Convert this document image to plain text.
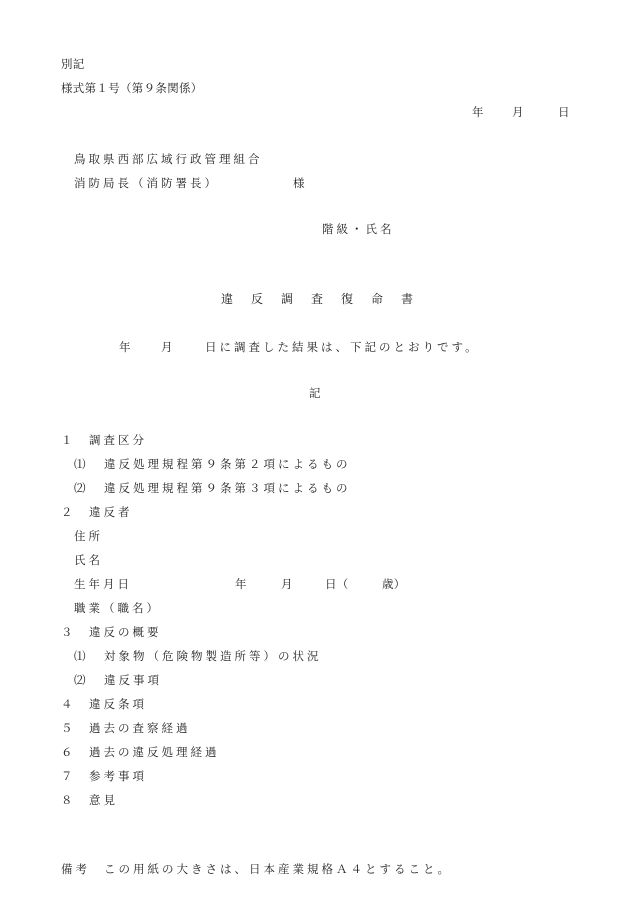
別記
様式第１号（第９条関係）
年 月	日
鳥取県西部広域行政管理組合
消防局長（消防署長）	様
階級・氏名
違反調査復命書
年	月	日に調査した結果は、下記のとおりです。
記
１ 調査区分
⑴ 違反処理規程第９条第２項によるもの
⑵ 違反処理規程第９条第３項によるもの
２ 違反者
住所
氏名
生年月日	年	月	日（	歳）
職業（職名）
３ 違反の概要
⑴ 対象物（危険物製造所等）の状況
⑵ 違反事項
４ 違反条項
５ 過去の査察経過
６ 過去の違反処理経過
７ 参考事項
８ 意見
備考 この用紙の大きさは、日本産業規格Ａ４とすること。
